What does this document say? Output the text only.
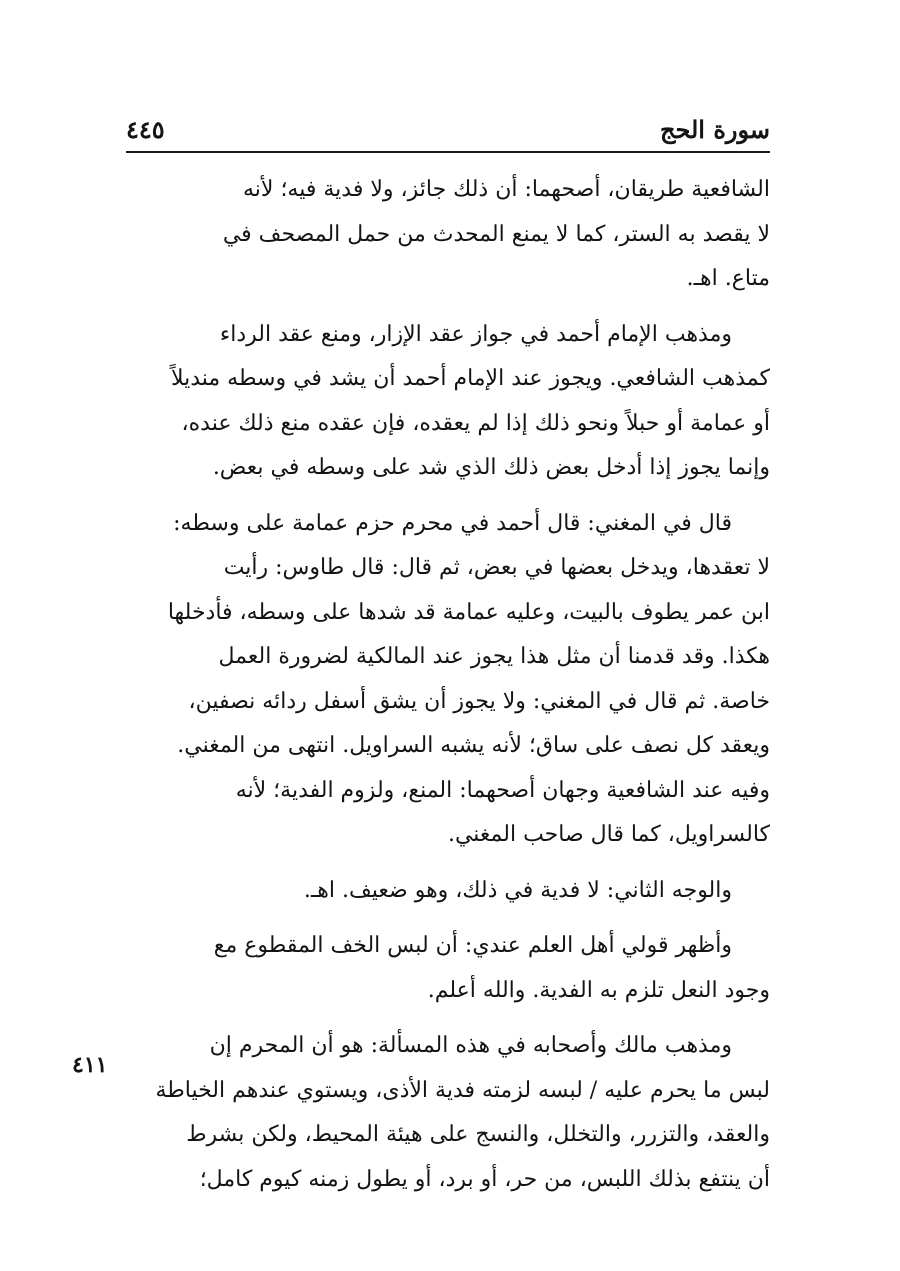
سورة الحج
٤٤٥

الشافعية طريقان، أصحهما: أن ذلك جائز، ولا فدية فيه؛ لأنه
لا يقصد به الستر، كما لا يمنع المحدث من حمل المصحف في
متاع. اهـ.

ومذهب الإمام أحمد في جواز عقد الإزار، ومنع عقد الرداء
كمذهب الشافعي. ويجوز عند الإمام أحمد أن يشد في وسطه منديلاً
أو عمامة أو حبلاً ونحو ذلك إذا لم يعقده، فإن عقده منع ذلك عنده،
وإنما يجوز إذا أدخل بعض ذلك الذي شد على وسطه في بعض.

قال في المغني: قال أحمد في محرم حزم عمامة على وسطه:
لا تعقدها، ويدخل بعضها في بعض، ثم قال: قال طاوس: رأيت
ابن عمر يطوف بالبيت، وعليه عمامة قد شدها على وسطه، فأدخلها
هكذا. وقد قدمنا أن مثل هذا يجوز عند المالكية لضرورة العمل
خاصة. ثم قال في المغني: ولا يجوز أن يشق أسفل ردائه نصفين،
ويعقد كل نصف على ساق؛ لأنه يشبه السراويل. انتهى من المغني.
وفيه عند الشافعية وجهان أصحهما: المنع، ولزوم الفدية؛ لأنه
كالسراويل، كما قال صاحب المغني.

والوجه الثاني: لا فدية في ذلك، وهو ضعيف. اهـ.

وأظهر قولي أهل العلم عندي: أن لبس الخف المقطوع مع
وجود النعل تلزم به الفدية. والله أعلم.

ومذهب مالك وأصحابه في هذه المسألة: هو أن المحرم إن
لبس ما يحرم عليه / لبسه لزمته فدية الأذى، ويستوي عندهم الخياطة
والعقد، والتزرر، والتخلل، والنسج على هيئة المحيط، ولكن بشرط
أن ينتفع بذلك اللبس، من حر، أو برد، أو يطول زمنه كيوم كامل؛

٤١١
